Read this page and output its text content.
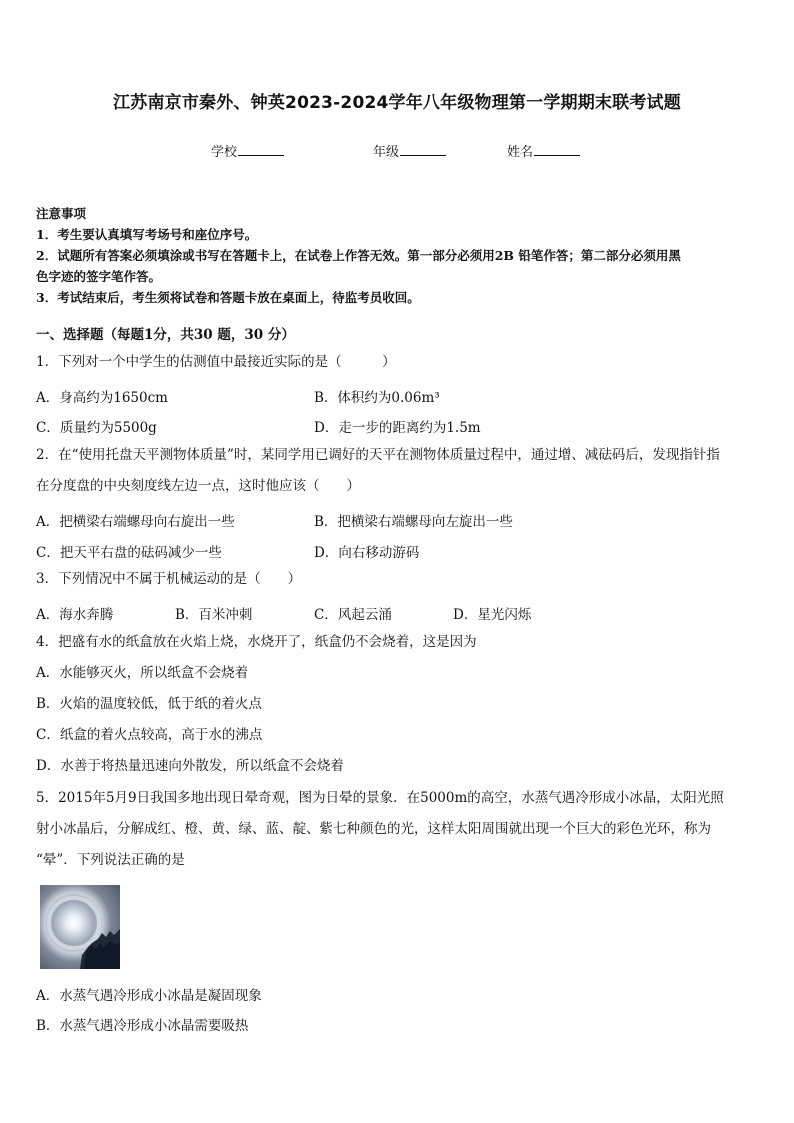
江苏南京市秦外、钟英2023-2024学年八年级物理第一学期期末联考试题
学校	年级	姓名
注意事项
1．考生要认真填写考场号和座位序号。
2．试题所有答案必须填涂或书写在答题卡上，在试卷上作答无效。第一部分必须用2B 铅笔作答；第二部分必须用黑
色字迹的签字笔作答。
3．考试结束后，考生须将试卷和答题卡放在桌面上，待监考员收回。
一、选择题（每题1分，共30 题，30 分）
1．下列对一个中学生的估测值中最接近实际的是（　　　）
A．身高约为1650cm	B．体积约为0.06m³
C．质量约为5500g	D．走一步的距离约为1.5m
2．在“使用托盘天平测物体质量”时，某同学用已调好的天平在测物体质量过程中，通过增、减砝码后，发现指针指
在分度盘的中央刻度线左边一点，这时他应该（　　）
A．把横梁右端螺母向右旋出一些	B．把横梁右端螺母向左旋出一些
C．把天平右盘的砝码减少一些	D．向右移动游码
3．下列情况中不属于机械运动的是（　　）
A．海水奔腾	B．百米冲刺	C．风起云涌	D．星光闪烁
4．把盛有水的纸盒放在火焰上烧，水烧开了，纸盒仍不会烧着，这是因为
A．水能够灭火，所以纸盒不会烧着
B．火焰的温度较低，低于纸的着火点
C．纸盒的着火点较高，高于水的沸点
D．水善于将热量迅速向外散发，所以纸盒不会烧着
5．2015年5月9日我国多地出现日晕奇观，图为日晕的景象．在5000m的高空，水蒸气遇冷形成小冰晶，太阳光照
射小冰晶后，分解成红、橙、黄、绿、蓝、靛、紫七种颜色的光，这样太阳周围就出现一个巨大的彩色光环，称为
“晕”．下列说法正确的是
A．水蒸气遇冷形成小冰晶是凝固现象
B．水蒸气遇冷形成小冰晶需要吸热
